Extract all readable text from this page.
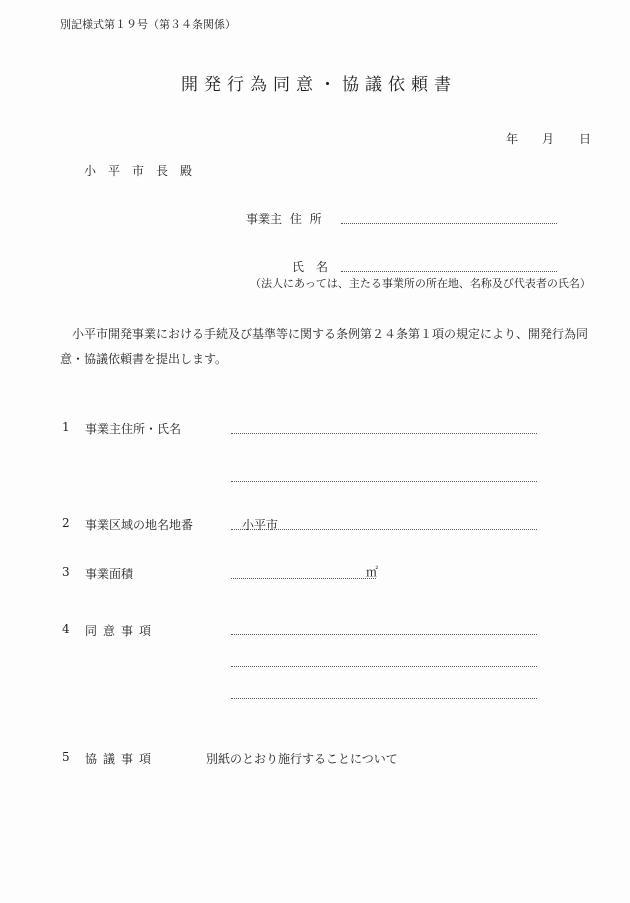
別記様式第１９号（第３４条関係）
開発行為同意・協議依頼書
年 月 日
小　平　市　長　殿
事業主 住 所
氏　名
（法人にあっては、主たる事業所の所在地、名称及び代表者の氏名）
小平市開発事業における手続及び基準等に関する条例第２４条第１項の規定により、開発行為同意・協議依頼書を提出します。
1 事業主住所・氏名
2 事業区域の地名地番	小平市
3 事業面積	㎡
4 同意事項
5 協議事項	別紙のとおり施行することについて
